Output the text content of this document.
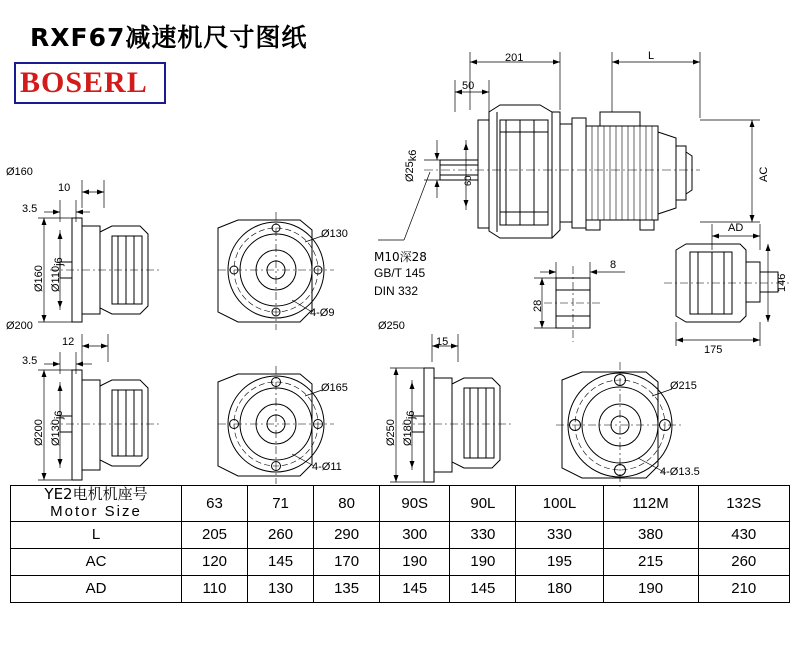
RXF67减速机尺寸图纸
BOSERL
201	L
50
Ø25k6
60	AC
M10深28
GB/T 145
DIN 332
8
28
AD
146
175
Ø160
10
3.5
Ø160 Ø110j6
Ø130
4-Ø9
Ø200
12
3.5
Ø200 Ø130j6
Ø165
4-Ø11
Ø250
15
Ø250 Ø180j6
Ø215
4-Ø13.5
YE2电机机座号
Motor Size	63	71	80	90S	90L	100L	112M	132S
L	205	260	290	300	330	330	380	430
AC	120	145	170	190	190	195	215	260
AD	110	130	135	145	145	180	190	210
